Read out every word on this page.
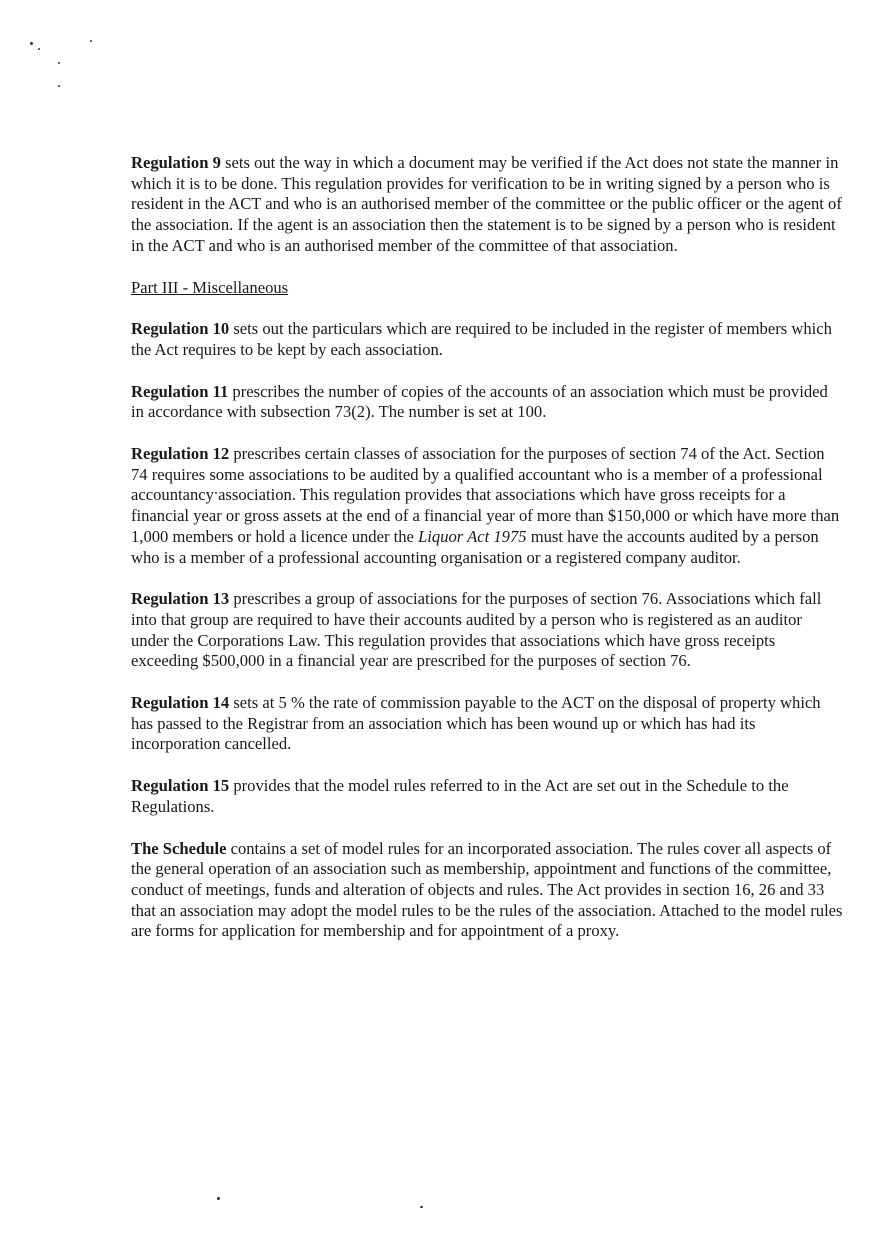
Regulation 9 sets out the way in which a document may be verified if the Act does not state the manner in which it is to be done. This regulation provides for verification to be in writing signed by a person who is resident in the ACT and who is an authorised member of the committee or the public officer or the agent of the association. If the agent is an association then the statement is to be signed by a person who is resident in the ACT and who is an authorised member of the committee of that association.

Part III - Miscellaneous

Regulation 10 sets out the particulars which are required to be included in the register of members which the Act requires to be kept by each association.

Regulation 11 prescribes the number of copies of the accounts of an association which must be provided in accordance with subsection 73(2). The number is set at 100.

Regulation 12 prescribes certain classes of association for the purposes of section 74 of the Act. Section 74 requires some associations to be audited by a qualified accountant who is a member of a professional accountancy association. This regulation provides that associations which have gross receipts for a financial year or gross assets at the end of a financial year of more than $150,000 or which have more than 1,000 members or hold a licence under the Liquor Act 1975 must have the accounts audited by a person who is a member of a professional accounting organisation or a registered company auditor.

Regulation 13 prescribes a group of associations for the purposes of section 76. Associations which fall into that group are required to have their accounts audited by a person who is registered as an auditor under the Corporations Law. This regulation provides that associations which have gross receipts exceeding $500,000 in a financial year are prescribed for the purposes of section 76.

Regulation 14 sets at 5 % the rate of commission payable to the ACT on the disposal of property which has passed to the Registrar from an association which has been wound up or which has had its incorporation cancelled.

Regulation 15 provides that the model rules referred to in the Act are set out in the Schedule to the Regulations.

The Schedule contains a set of model rules for an incorporated association. The rules cover all aspects of the general operation of an association such as membership, appointment and functions of the committee, conduct of meetings, funds and alteration of objects and rules. The Act provides in section 16, 26 and 33 that an association may adopt the model rules to be the rules of the association. Attached to the model rules are forms for application for membership and for appointment of a proxy.
